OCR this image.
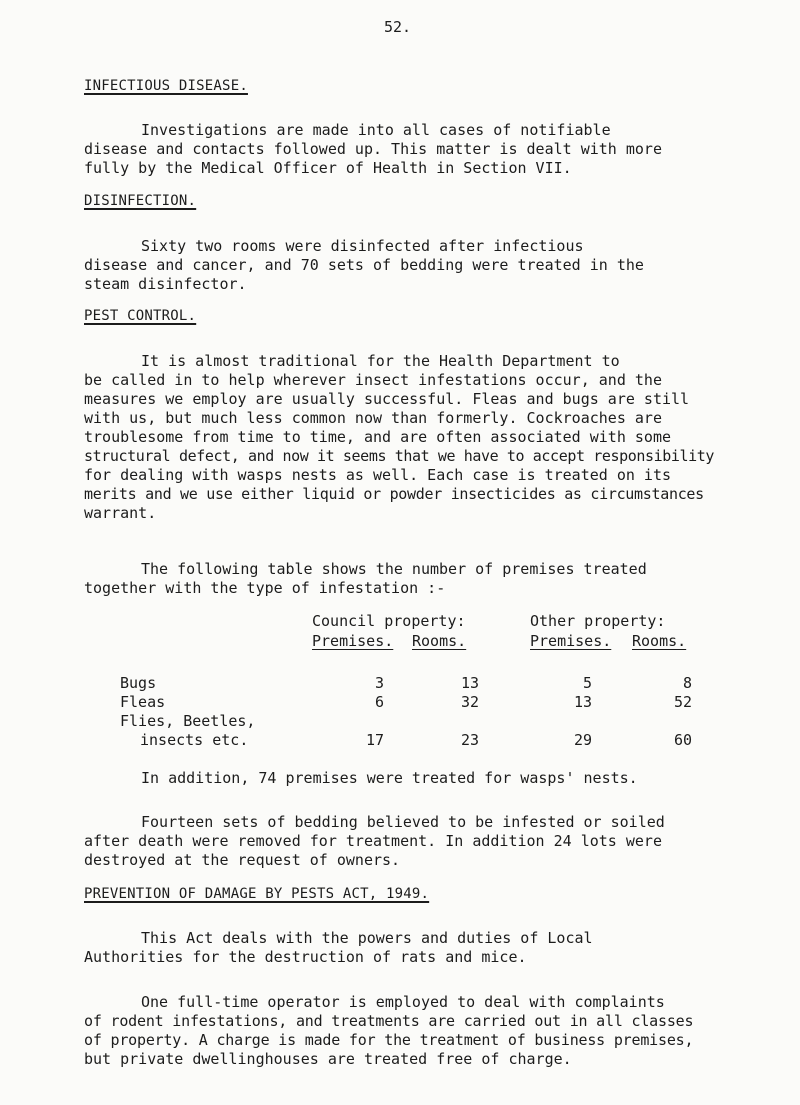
52.
INFECTIOUS DISEASE.

Investigations are made into all cases of notifiable
disease and contacts followed up. This matter is dealt with more
fully by the Medical Officer of Health in Section VII.

DISINFECTION.

Sixty two rooms were disinfected after infectious
disease and cancer, and 70 sets of bedding were treated in the
steam disinfector.

PEST CONTROL.

It is almost traditional for the Health Department to
be called in to help wherever insect infestations occur, and the
measures we employ are usually successful. Fleas and bugs are still
with us, but much less common now than formerly. Cockroaches are
troublesome from time to time, and are often associated with some
structural defect, and now it seems that we have to accept responsibility
for dealing with wasps nests as well. Each case is treated on its
merits and we use either liquid or powder insecticides as circumstances
warrant.

The following table shows the number of premises treated
together with the type of infestation :-

Council property:	Other property:
Premises. Rooms.	Premises. Rooms.
Bugs	3	13	5	8
Fleas	6	32	13	52
Flies, Beetles,
insects etc.	17	23	29	60

In addition, 74 premises were treated for wasps' nests.

Fourteen sets of bedding believed to be infested or soiled
after death were removed for treatment. In addition 24 lots were
destroyed at the request of owners.

PREVENTION OF DAMAGE BY PESTS ACT, 1949.

This Act deals with the powers and duties of Local
Authorities for the destruction of rats and mice.

One full-time operator is employed to deal with complaints
of rodent infestations, and treatments are carried out in all classes
of property. A charge is made for the treatment of business premises,
but private dwellinghouses are treated free of charge.
